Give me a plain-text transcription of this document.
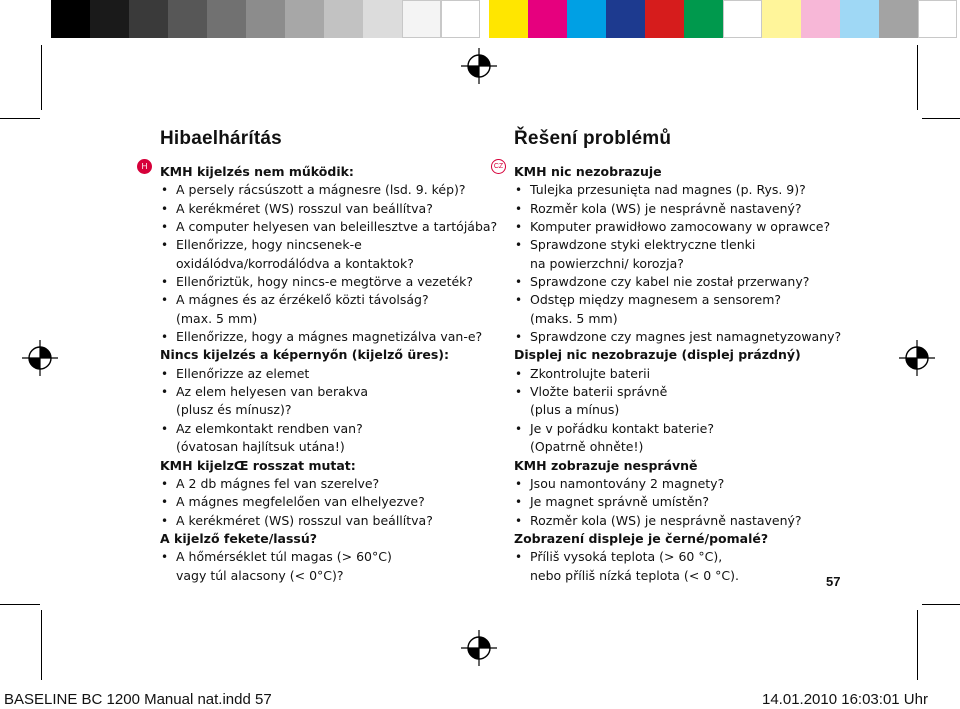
H	CZ
Hibaelhárítás
KMH kijelzés nem működik:
• A persely rácsúszott a mágnesre (lsd. 9. kép)?
• A kerékméret (WS) rosszul van beállítva?
• A computer helyesen van beleillesztve a tartójába?
• Ellenőrizze, hogy nincsenek-e
oxidálódva/korrodálódva a kontaktok?
• Ellenőriztük, hogy nincs-e megtörve a vezeték?
• A mágnes és az érzékelő közti távolság?
(max. 5 mm)
• Ellenőrizze, hogy a mágnes magnetizálva van-e?
Nincs kijelzés a képernyőn (kijelző üres):
• Ellenőrizze az elemet
• Az elem helyesen van berakva
(plusz és mínusz)?
• Az elemkontakt rendben van?
(óvatosan hajlítsuk utána!)
KMH kijelzŒ rosszat mutat:
• A 2 db mágnes fel van szerelve?
• A mágnes megfelelően van elhelyezve?
• A kerékméret (WS) rosszul van beállítva?
A kijelző fekete/lassú?
• A hőmérséklet túl magas (> 60°C)
vagy túl alacsony (< 0°C)?
Řešení problémů
KMH nic nezobrazuje
• Tulejka przesunięta nad magnes (p. Rys. 9)?
• Rozměr kola (WS) je nesprávně nastavený?
• Komputer prawidłowo zamocowany w oprawce?
• Sprawdzone styki elektryczne tlenki
na powierzchni/ korozja?
• Sprawdzone czy kabel nie został przerwany?
• Odstęp między magnesem a sensorem?
(maks. 5 mm)
• Sprawdzone czy magnes jest namagnetyzowany?
Displej nic nezobrazuje (displej prázdný)
• Zkontrolujte baterii
• Vložte baterii správně
(plus a mínus)
• Je v pořádku kontakt baterie?
(Opatrně ohněte!)
KMH zobrazuje nesprávně
• Jsou namontovány 2 magnety?
• Je magnet správně umístěn?
• Rozměr kola (WS) je nesprávně nastavený?
Zobrazení displeje je černé/pomalé?
• Příliš vysoká teplota (> 60 °C),
nebo příliš nízká teplota (< 0 °C).	57
BASELINE BC 1200 Manual nat.indd 57	14.01.2010 16:03:01 Uhr
